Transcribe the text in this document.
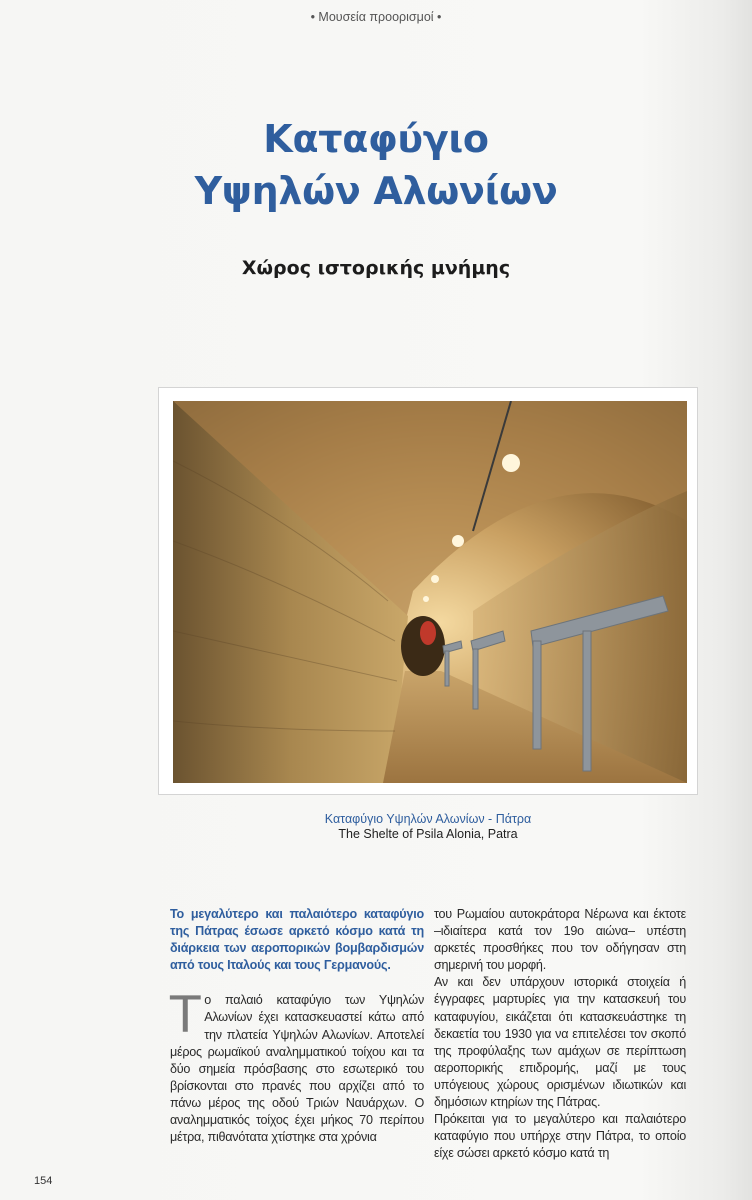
• Μουσεία προορισμοί •
Καταφύγιο
Υψηλών Αλωνίων
Χώρος ιστορικής μνήμης
Καταφύγιο Υψηλών Αλωνίων - Πάτρα
The Shelte of Psila Alonia, Patra

Το μεγαλύτερο και παλαιότερο καταφύγιο της Πάτρας έσωσε αρκετό κόσμο κατά τη διάρκεια των αεροπορικών βομβαρδισμών από τους Ιταλούς και τους Γερμανούς.

Το παλαιό καταφύγιο των Υψηλών Αλωνίων έχει κατασκευαστεί κάτω από την πλατεία Υψηλών Αλωνίων. Αποτελεί μέρος ρωμαϊκού αναλημματικού τοίχου και τα δύο σημεία πρόσβασης στο εσωτερικό του βρίσκονται στο πρανές που αρχίζει από το πάνω μέρος της οδού Τριών Ναυάρχων. Ο αναλημματικός τοίχος έχει μήκος 70 περίπου μέτρα, πιθανότατα χτίστηκε στα χρόνια

του Ρωμαίου αυτοκράτορα Νέρωνα και έκτοτε –ιδιαίτερα κατά τον 19ο αιώνα– υπέστη αρκετές προσθήκες που τον οδήγησαν στη σημερινή του μορφή.

Αν και δεν υπάρχουν ιστορικά στοιχεία ή έγγραφες μαρτυρίες για την κατασκευή του καταφυγίου, εικάζεται ότι κατασκευάστηκε τη δεκαετία του 1930 για να επιτελέσει τον σκοπό της προφύλαξης των αμάχων σε περίπτωση αεροπορικής επιδρομής, μαζί με τους υπόγειους χώρους ορισμένων ιδιωτικών και δημόσιων κτηρίων της Πάτρας.

Πρόκειται για το μεγαλύτερο και παλαιότερο καταφύγιο που υπήρχε στην Πάτρα, το οποίο είχε σώσει αρκετό κόσμο κατά τη

154
